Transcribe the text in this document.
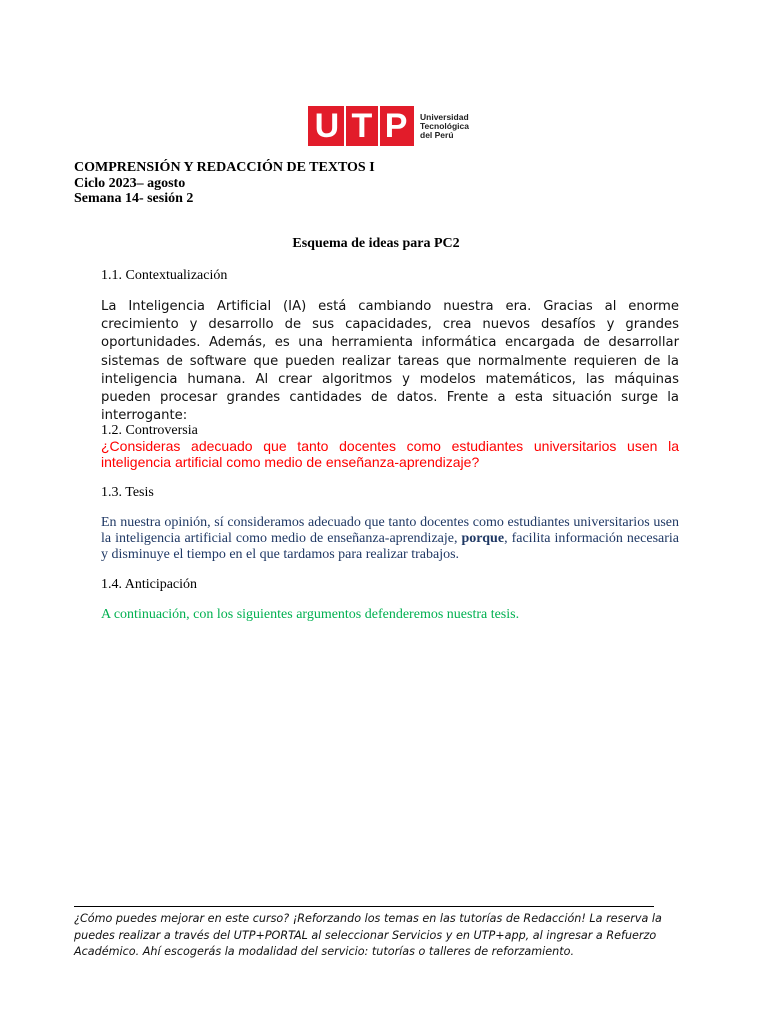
U T P Universidad
Tecnológica
del Perú
COMPRENSIÓN Y REDACCIÓN DE TEXTOS I
Ciclo 2023– agosto
Semana 14- sesión 2
Esquema de ideas para PC2
1.1. Contextualización
La Inteligencia Artificial (IA) está cambiando nuestra era. Gracias al enorme crecimiento y desarrollo de sus capacidades, crea nuevos desafíos y grandes oportunidades. Además, es una herramienta informática encargada de desarrollar sistemas de software que pueden realizar tareas que normalmente requieren de la inteligencia humana. Al crear algoritmos y modelos matemáticos, las máquinas pueden procesar grandes cantidades de datos. Frente a esta situación surge la interrogante:
1.2. Controversia
¿Consideras adecuado que tanto docentes como estudiantes universitarios usen la inteligencia artificial como medio de enseñanza-aprendizaje?
1.3. Tesis
En nuestra opinión, sí consideramos adecuado que tanto docentes como estudiantes universitarios usen la inteligencia artificial como medio de enseñanza-aprendizaje, porque, facilita información necesaria y disminuye el tiempo en el que tardamos para realizar trabajos.
1.4. Anticipación
A continuación, con los siguientes argumentos defenderemos nuestra tesis.
¿Cómo puedes mejorar en este curso? ¡Reforzando los temas en las tutorías de Redacción! La reserva la puedes realizar a través del UTP+PORTAL al seleccionar Servicios y en UTP+app, al ingresar a Refuerzo Académico. Ahí escogerás la modalidad del servicio: tutorías o talleres de reforzamiento.
